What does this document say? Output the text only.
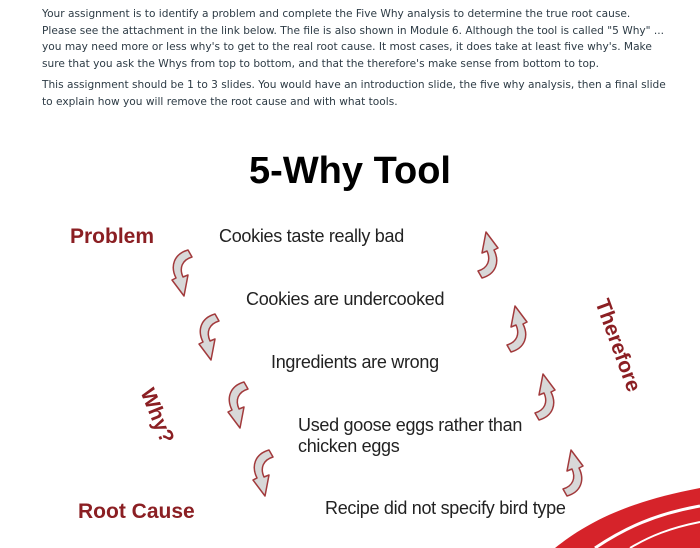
Your assignment is to identify a problem and complete the Five Why analysis to determine the true root cause. Please see the attachment in the link below. The file is also shown in Module 6. Although the tool is called "5 Why" ... you may need more or less why's to get to the real root cause. It most cases, it does take at least five why's. Make sure that you ask the Whys from top to bottom, and that the therefore's make sense from bottom to top.

This assignment should be 1 to 3 slides. You would have an introduction slide, the five why analysis, then a final slide to explain how you will remove the root cause and with what tools.

5-Why Tool
Problem
Root Cause
Why?
Therefore
Cookies taste really bad
Cookies are undercooked
Ingredients are wrong
Used goose eggs rather than
chicken eggs
Recipe did not specify bird type
